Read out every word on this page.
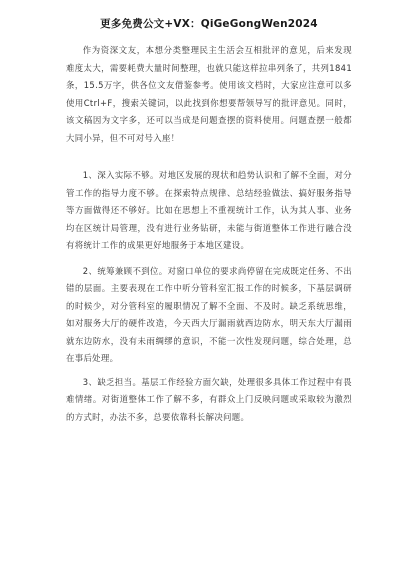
更多免费公文+VX：QiGeGongWen2024

作为资深文友，本想分类整理民主生活会互相批评的意见，后来发现难度太大，需要耗费大量时间整理，也就只能这样拉串列条了，共列1841条，15.5万字，供各位文友借鉴参考。使用该文档时，大家应注意可以多使用Ctrl+F，搜索关键词，以此找到你想要帮领导写的批评意见。同时，该文稿因为文字多，还可以当成是问题查摆的资料使用。问题查摆一般都大同小异，但不可对号入座！

1、深入实际不够。对地区发展的现状和趋势认识和了解不全面，对分管工作的指导力度不够。在探索特点规律、总结经验做法、搞好服务指导等方面做得还不够好。比如在思想上不重视统计工作，认为其人事、业务均在区统计局管理，没有进行业务钻研，未能与街道整体工作进行融合没有将统计工作的成果更好地服务于本地区建设。

2、统筹兼顾不到位。对窗口单位的要求尚停留在完成既定任务、不出错的层面。主要表现在工作中听分管科室汇报工作的时候多，下基层调研的时候少，对分管科室的履职情况了解不全面、不及时。缺乏系统思维，如对服务大厅的硬件改造，今天西大厅漏雨就西边防水，明天东大厅漏雨就东边防水，没有未雨绸缪的意识，不能一次性发现问题，综合处理，总在事后处理。

3、缺乏担当。基层工作经验方面欠缺，处理很多具体工作过程中有畏难情绪。对街道整体工作了解不多，有群众上门反映问题或采取较为激烈的方式时，办法不多，总要依靠科长解决问题。
